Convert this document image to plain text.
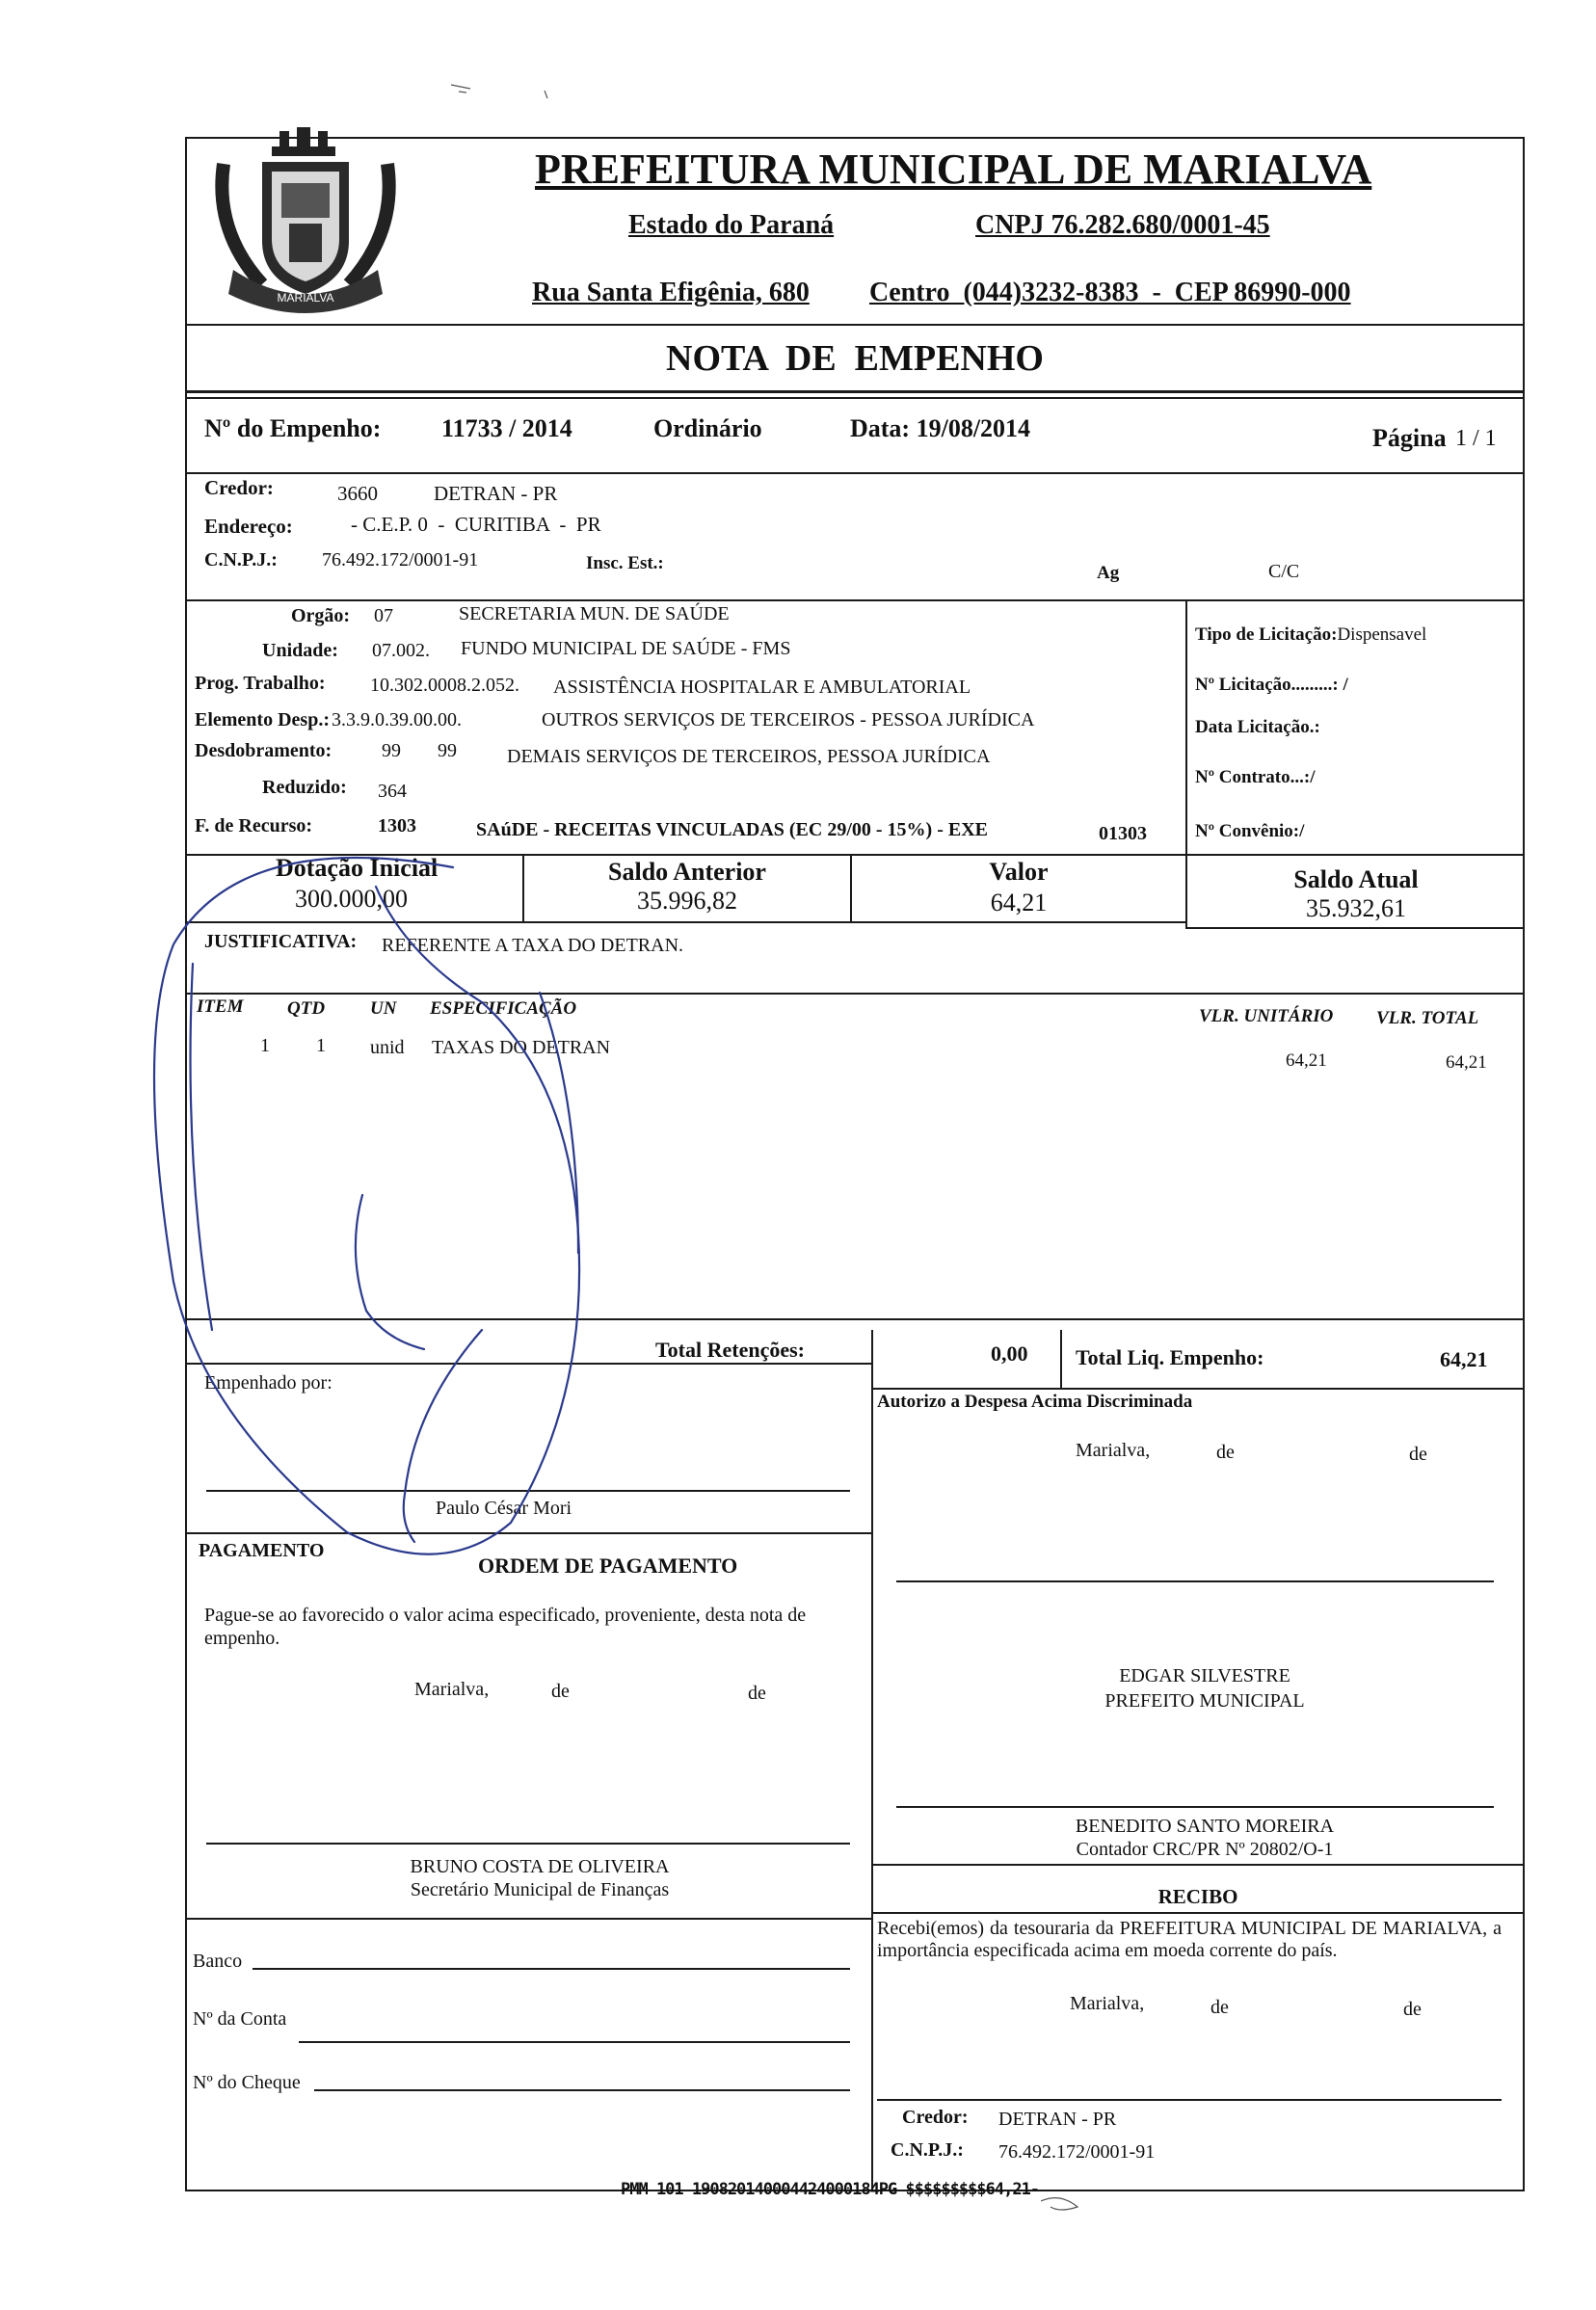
MARIALVA
PREFEITURA MUNICIPAL DE MARIALVA
Estado do Paraná	CNPJ 76.282.680/0001-45
Rua Santa Efigênia, 680 Centro  (044)3232-8383  -  CEP 86990-000
NOTA  DE  EMPENHO
Nº do Empenho: 11733 / 2014	Ordinário	Data: 19/08/2014	Página 1 / 1
Credor:	3660	DETRAN - PR
Endereço:	- C.E.P. 0  -  CURITIBA  -  PR
C.N.P.J.: 76.492.172/0001-91	Insc. Est.:	Ag	C/C
Orgão: 07	SECRETARIA MUN. DE SAÚDE
Unidade: 07.002. FUNDO MUNICIPAL DE SAÚDE - FMS
Prog. Trabalho: 10.302.0008.2.052. ASSISTÊNCIA HOSPITALAR E AMBULATORIAL
Elemento Desp.: 3.3.9.0.39.00.00.	OUTROS SERVIÇOS DE TERCEIROS - PESSOA JURÍDICA
Desdobramento:	99 99	DEMAIS SERVIÇOS DE TERCEIROS, PESSOA JURÍDICA
Reduzido: 364
F. de Recurso:	1303	SAúDE - RECEITAS VINCULADAS (EC 29/00 - 15%) - EXE	01303
Tipo de Licitação:Dispensavel
Nº Licitação.........: /
Data Licitação.:
Nº Contrato...:/
Nº Convênio:/
Dotação Inicial
300.000,00
Saldo Anterior
35.996,82
Valor
64,21
Saldo Atual
35.932,61
JUSTIFICATIVA: REFERENTE A TAXA DO DETRAN.
ITEM QTD UN ESPECIFICAÇÃO	VLR. UNITÁRIO VLR. TOTAL
1 1 unid TAXAS DO DETRAN
64,21	64,21
Total Retenções:	0,00 Total Liq. Empenho:	64,21
Empenhado por:
Paulo César Mori
Autorizo a Despesa Acima Discriminada
Marialva,	de	de
PAGAMENTO
ORDEM DE PAGAMENTO
Pague-se ao favorecido o valor acima especificado, proveniente, desta nota de empenho.
Marialva,	de	de
EDGAR SILVESTRE
PREFEITO MUNICIPAL
BENEDITO SANTO MOREIRA
Contador CRC/PR Nº 20802/O-1
BRUNO COSTA DE OLIVEIRA
Secretário Municipal de Finanças	RECIBO
Recebi(emos) da tesouraria da PREFEITURA MUNICIPAL DE MARIALVA, a importância especificada acima em moeda corrente do país.
Marialva,	de	de
Credor: DETRAN - PR
C.N.P.J.: 76.492.172/0001-91
Banco
Nº da Conta
Nº do Cheque
PMM 101 190820140004424000184PG $$$$$$$$$64,21-
